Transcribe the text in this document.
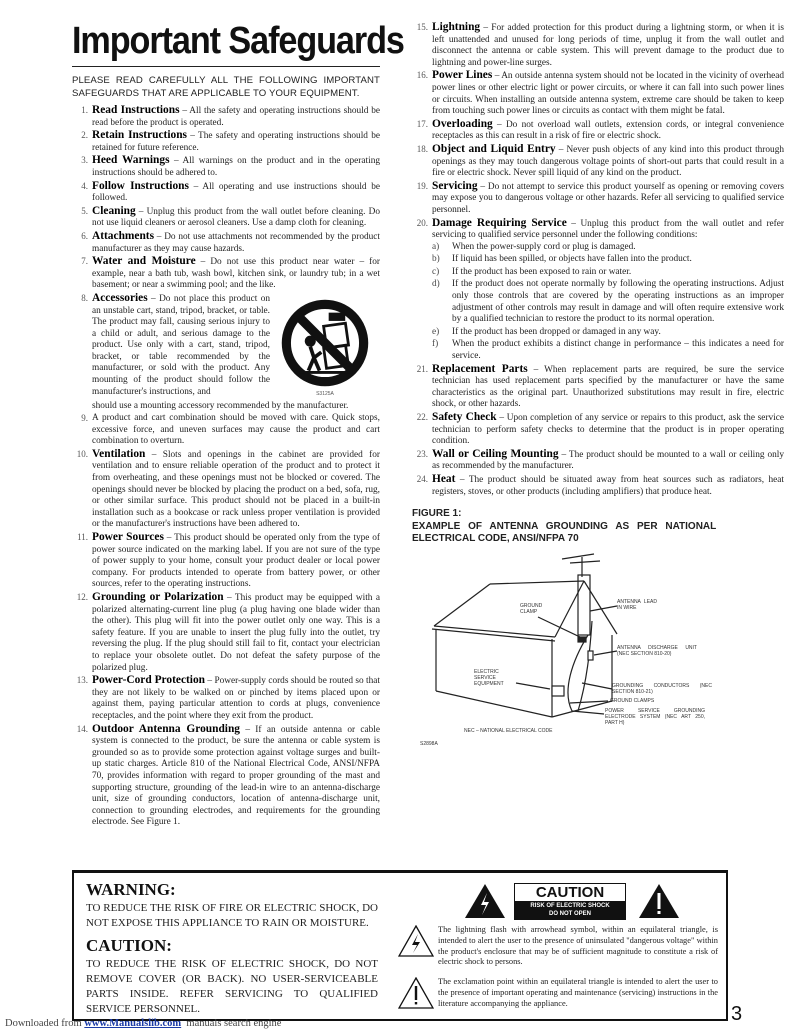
Important Safeguards
PLEASE READ CAREFULLY ALL THE FOLLOWING IMPORTANT SAFEGUARDS THAT ARE APPLICABLE TO YOUR EQUIPMENT.
1. Read Instructions – All the safety and operating instructions should be read before the product is operated.
2. Retain Instructions – The safety and operating instructions should be retained for future reference.
3. Heed Warnings – All warnings on the product and in the operating instructions should be adhered to.
4. Follow Instructions – All operating and use instructions should be followed.
5. Cleaning – Unplug this product from the wall outlet before cleaning. Do not use liquid cleaners or aerosol cleaners. Use a damp cloth for cleaning.
6. Attachments – Do not use attachments not recommended by the product manufacturer as they may cause hazards.
7. Water and Moisture – Do not use this product near water – for example, near a bath tub, wash bowl, kitchen sink, or laundry tub; in a wet basement; or near a swimming pool; and the like.
8. Accessories – Do not place this product on an unstable cart, stand, tripod, bracket, or table. The product may fall, causing serious injury to a child or adult, and serious damage to the product. Use only with a cart, stand, tripod, bracket, or table recommended by the manufacturer, or sold with the product. Any mounting of the product should follow the manufacturer's instructions, and	S3125A
should use a mounting accessory recommended by the manufacturer.
9. A product and cart combination should be moved with care. Quick stops, excessive force, and uneven surfaces may cause the product and cart combination to overturn.
10. Ventilation – Slots and openings in the cabinet are provided for ventilation and to ensure reliable operation of the product and to protect it from overheating, and these openings must not be blocked or covered. The openings should never be blocked by placing the product on a bed, sofa, rug, or other similar surface. This product should not be placed in a built-in installation such as a bookcase or rack unless proper ventilation is provided or the manufacturer's instructions have been adhered to.
11. Power Sources – This product should be operated only from the type of power source indicated on the marking label. If you are not sure of the type of power supply to your home, consult your product dealer or local power company. For products intended to operate from battery power, or other sources, refer to the operating instructions.
12. Grounding or Polarization – This product may be equipped with a polarized alternating-current line plug (a plug having one blade wider than the other). This plug will fit into the power outlet only one way. This is a safety feature. If you are unable to insert the plug fully into the outlet, try reversing the plug. If the plug should still fail to fit, contact your electrician to replace your obsolete outlet. Do not defeat the safety purpose of the polarized plug.
13. Power-Cord Protection – Power-supply cords should be routed so that they are not likely to be walked on or pinched by items placed upon or against them, paying particular attention to cords at plugs, convenience receptacles, and the point where they exit from the product.
14. Outdoor Antenna Grounding – If an outside antenna or cable system is connected to the product, be sure the antenna or cable system is grounded so as to provide some protection against voltage surges and built-up static charges. Article 810 of the National Electrical Code, ANSI/NFPA 70, provides information with regard to proper grounding of the mast and supporting structure, grounding of the lead-in wire to an antenna-discharge unit, size of grounding conductors, location of antenna-discharge unit, connection to grounding electrodes, and requirements for the grounding electrode. See Figure 1.
15. Lightning – For added protection for this product during a lightning storm, or when it is left unattended and unused for long periods of time, unplug it from the wall outlet and disconnect the antenna or cable system. This will prevent damage to the product due to lightning and power-line surges.
16. Power Lines – An outside antenna system should not be located in the vicinity of overhead power lines or other electric light or power circuits, or where it can fall into such power lines or circuits. When installing an outside antenna system, extreme care should be taken to keep from touching such power lines or circuits as contact with them might be fatal.
17. Overloading – Do not overload wall outlets, extension cords, or integral convenience receptacles as this can result in a risk of fire or electric shock.
18. Object and Liquid Entry – Never push objects of any kind into this product through openings as they may touch dangerous voltage points of short-out parts that could result in a fire or electric shock. Never spill liquid of any kind on the product.
19. Servicing – Do not attempt to service this product yourself as opening or removing covers may expose you to dangerous voltage or other hazards. Refer all servicing to qualified service personnel.
20. Damage Requiring Service – Unplug this product from the wall outlet and refer servicing to qualified service personnel under the following conditions:
a) When the power-supply cord or plug is damaged.
b) If liquid has been spilled, or objects have fallen into the product.
c) If the product has been exposed to rain or water.
d) If the product does not operate normally by following the operating instructions. Adjust only those controls that are covered by the operating instructions as an improper adjustment of other controls may result in damage and will often require extensive work by a qualified technician to restore the product to its normal operation.
e) If the product has been dropped or damaged in any way.
f) When the product exhibits a distinct change in performance – this indicates a need for service.
21. Replacement Parts – When replacement parts are required, be sure the service technician has used replacement parts specified by the manufacturer or have the same characteristics as the original part. Unauthorized substitutions may result in fire, electric shock, or other hazards.
22. Safety Check – Upon completion of any service or repairs to this product, ask the service technician to perform safety checks to determine that the product is in proper operating condition.
23. Wall or Ceiling Mounting – The product should be mounted to a wall or ceiling only as recommended by the manufacturer.
24. Heat – The product should be situated away from heat sources such as radiators, heat registers, stoves, or other products (including amplifiers) that produce heat.
FIGURE 1:
EXAMPLE OF ANTENNA GROUNDING AS PER NATIONAL
ELECTRICAL CODE, ANSI/NFPA 70
ANTENNA LEAD IN WIRE
GROUND CLAMP
ANTENNA DISCHARGE UNIT (NEC SECTION 810-20)
ELECTRIC SERVICE EQUIPMENT	GROUNDING CONDUCTORS (NEC SECTION 810-21)
GROUND CLAMPS
POWER SERVICE GROUNDING ELECTRODE SYSTEM (NEC ART 250, PART H)
NEC – NATIONAL ELECTRICAL CODE
S2898A
WARNING:
TO REDUCE THE RISK OF FIRE OR ELECTRIC SHOCK, DO NOT EXPOSE THIS APPLIANCE TO RAIN OR MOISTURE.
CAUTION:
TO REDUCE THE RISK OF ELECTRIC SHOCK, DO NOT REMOVE COVER (OR BACK). NO USER-SERVICEABLE PARTS INSIDE. REFER SERVICING TO QUALIFIED SERVICE PERSONNEL.
CAUTION
RISK OF ELECTRIC SHOCK
DO NOT OPEN
The lightning flash with arrowhead symbol, within an equilateral triangle, is intended to alert the user to the presence of uninsulated "dangerous voltage" within the product's enclosure that may be of sufficient magnitude to constitute a risk of electric shock to persons.
The exclamation point within an equilateral triangle is intended to alert the user to the presence of important operating and maintenance (servicing) instructions in the literature accompanying the appliance.
Downloaded from www.Manualslib.com  manuals search engine	3
